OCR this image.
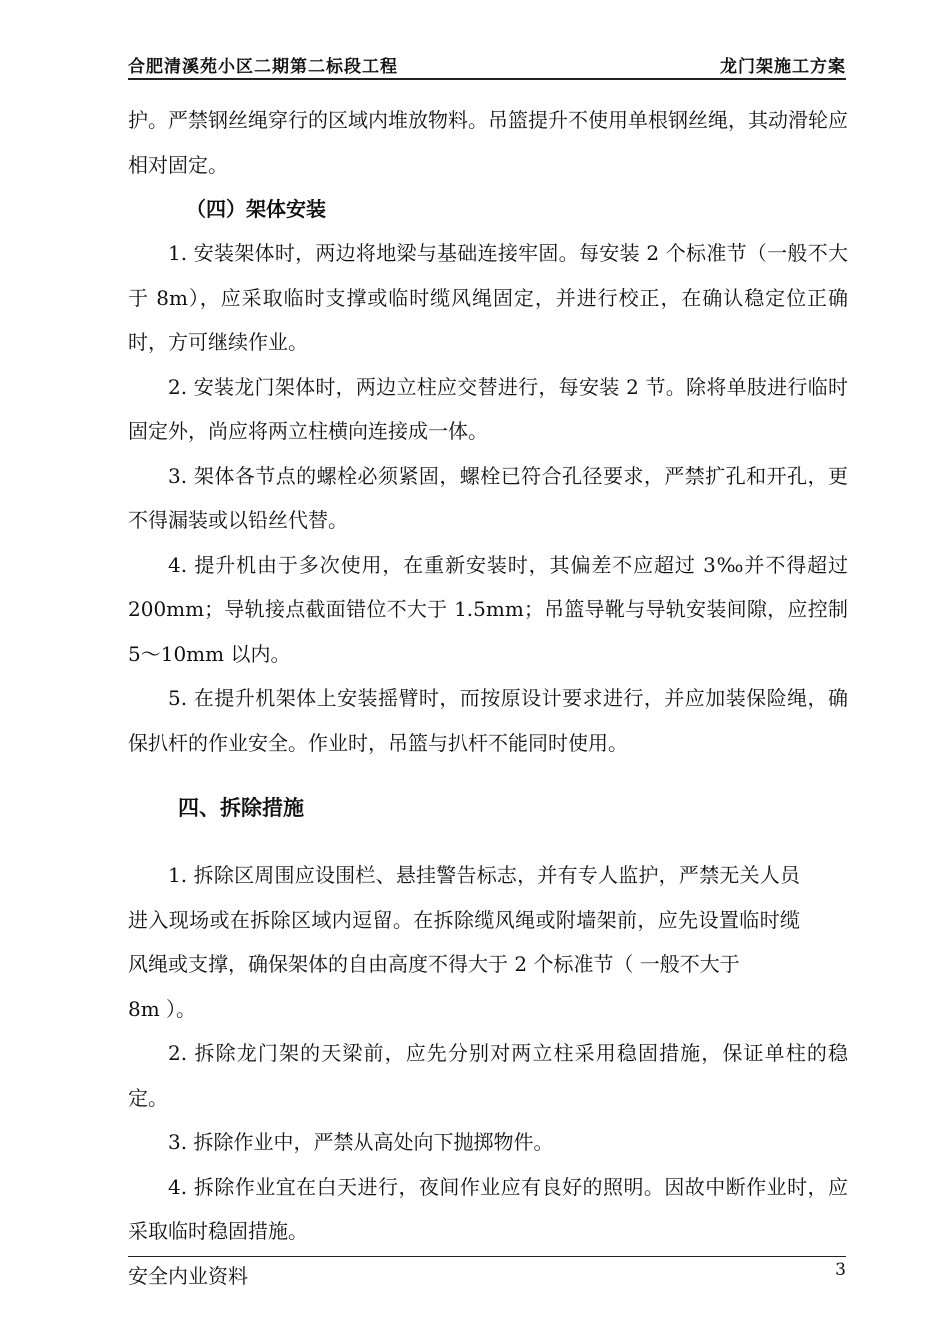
合肥清溪苑小区二期第二标段工程	龙门架施工方案

护。严禁钢丝绳穿行的区域内堆放物料。吊篮提升不使用单根钢丝绳，其动滑轮应相对固定。

（四）架体安装

1. 安装架体时，两边将地梁与基础连接牢固。每安装 2 个标准节（一般不大于 8m），应采取临时支撑或临时缆风绳固定，并进行校正，在确认稳定位正确时，方可继续作业。

2. 安装龙门架体时，两边立柱应交替进行，每安装 2 节。除将单肢进行临时固定外，尚应将两立柱横向连接成一体。

3. 架体各节点的螺栓必须紧固，螺栓已符合孔径要求，严禁扩孔和开孔，更不得漏装或以铅丝代替。

4. 提升机由于多次使用，在重新安装时，其偏差不应超过 3‰并不得超过 200mm；导轨接点截面错位不大于 1.5mm；吊篮导靴与导轨安装间隙，应控制 5～10mm 以内。

5. 在提升机架体上安装摇臂时，而按原设计要求进行，并应加装保险绳，确保扒杆的作业安全。作业时，吊篮与扒杆不能同时使用。

四、拆除措施

1. 拆除区周围应设围栏、悬挂警告标志，并有专人监护，严禁无关人员进入现场或在拆除区域内逗留。在拆除缆风绳或附墙架前，应先设置临时缆风绳或支撑，确保架体的自由高度不得大于 2 个标准节（ 一般不大于

8m ）。

2. 拆除龙门架的天梁前，应先分别对两立柱采用稳固措施，保证单柱的稳定。

3. 拆除作业中，严禁从高处向下抛掷物件。

4. 拆除作业宜在白天进行，夜间作业应有良好的照明。因故中断作业时，应采取临时稳固措施。

安全内业资料	3
